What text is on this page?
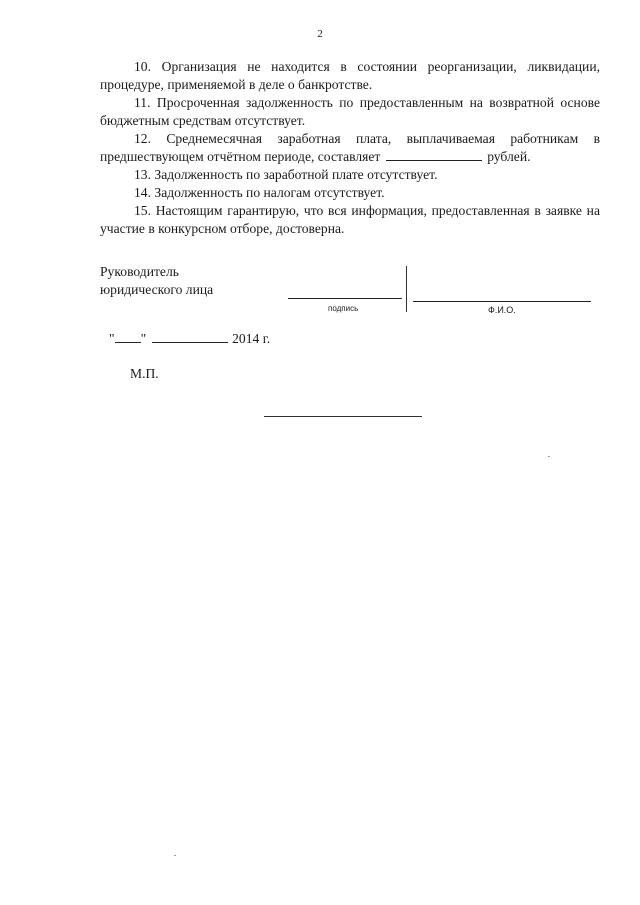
2

10. Организация не находится в состоянии реорганизации, ликвидации, процедуре, применяемой в деле о банкротстве.

11. Просроченная задолженность по предоставленным на возвратной основе бюджетным средствам отсутствует.

12. Среднемесячная заработная плата, выплачиваемая работникам в предшествующем отчётном периоде, составляет	рублей.

13. Задолженность по заработной плате отсутствует.

14. Задолженность по налогам отсутствует.

15. Настоящим гарантирую, что вся информация, предоставленная в заявке на участие в конкурсном отборе, достоверна.

Руководитель
юридического лица
подпись	Ф.И.О.
" "	2014 г.
М.П.
